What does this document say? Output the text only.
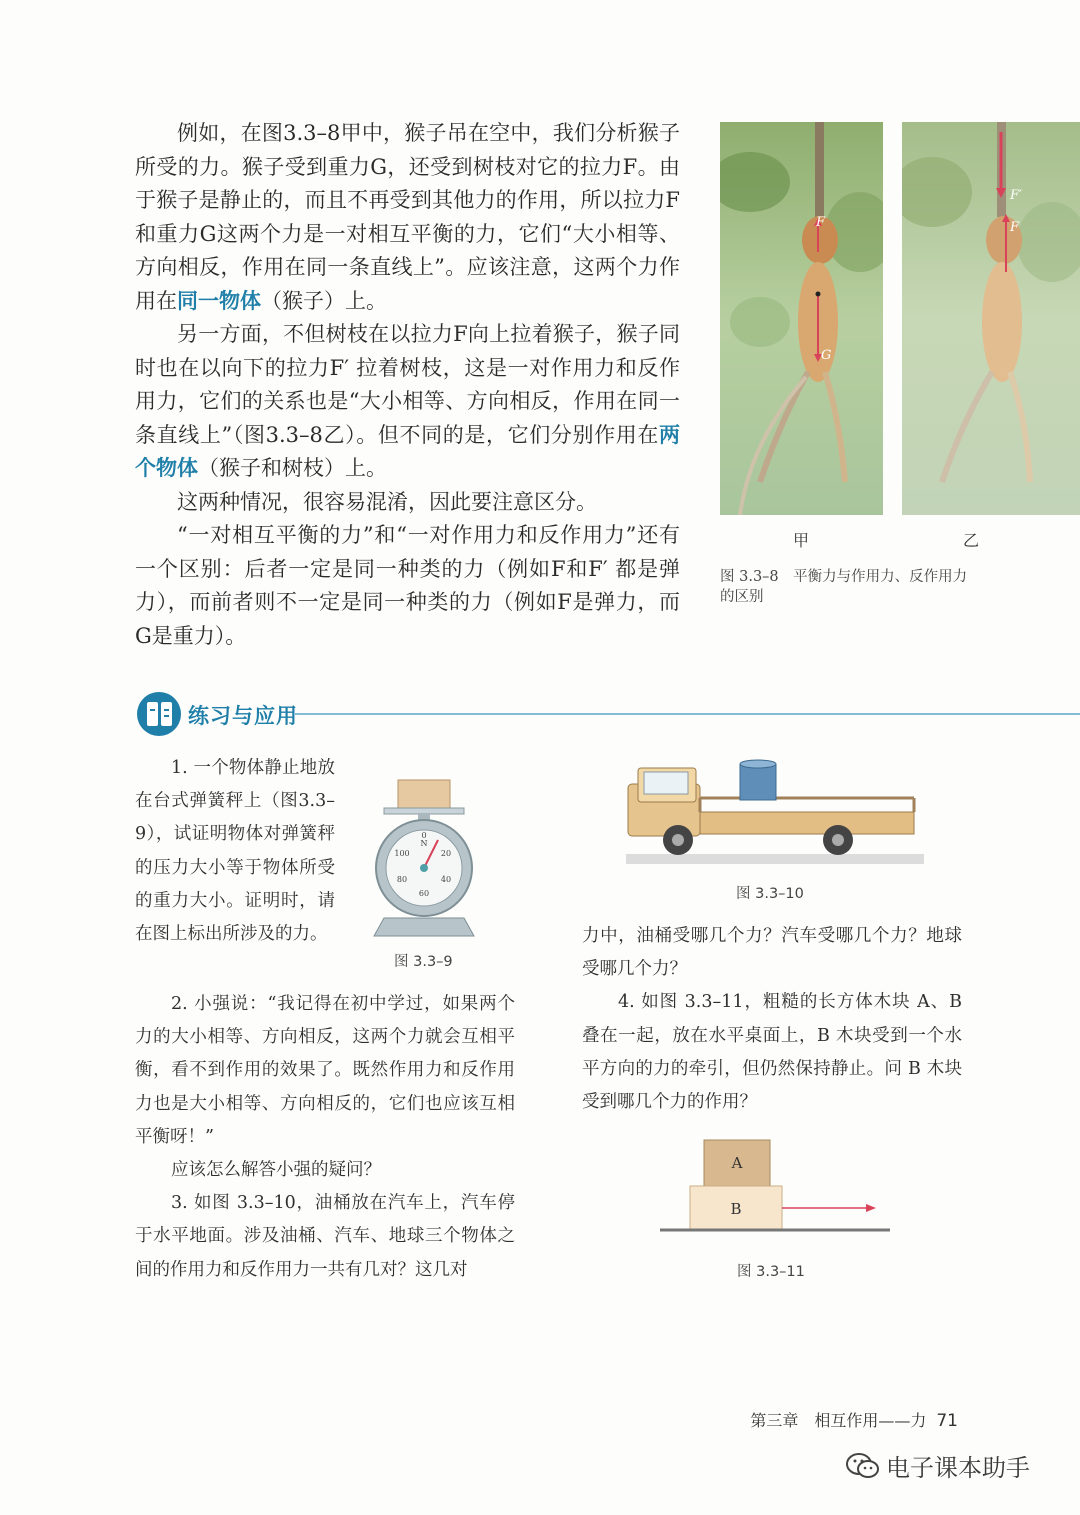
例如，在图3.3–8甲中，猴子吊在空中，我们分析猴子所受的力。猴子受到重力G，还受到树枝对它的拉力F。由于猴子是静止的，而且不再受到其他力的作用，所以拉力F和重力G这两个力是一对相互平衡的力，它们“大小相等、方向相反，作用在同一条直线上”。应该注意，这两个力作用在同一物体（猴子）上。

另一方面，不但树枝在以拉力F向上拉着猴子，猴子同时也在以向下的拉力F′ 拉着树枝，这是一对作用力和反作用力，它们的关系也是“大小相等、方向相反，作用在同一条直线上”（图3.3–8乙）。但不同的是，它们分别作用在两个物体（猴子和树枝）上。

这两种情况，很容易混淆，因此要注意区分。

“一对相互平衡的力”和“一对作用力和反作用力”还有一个区别：后者一定是同一种类的力（例如F和F′ 都是弹力），而前者则不一定是同一种类的力（例如F是弹力，而G是重力）。

F
G
F′
F
甲	乙
图 3.3–8　平衡力与作用力、反作用力的区别
练习与应用

1. 一个物体静止地放在台式弹簧秤上（图3.3–9），试证明物体对弹簧秤的压力大小等于物体所受的重力大小。证明时，请在图上标出所涉及的力。

N
0
20
40
60
80
100
图 3.3–9

2. 小强说：“我记得在初中学过，如果两个力的大小相等、方向相反，这两个力就会互相平衡，看不到作用的效果了。既然作用力和反作用力也是大小相等、方向相反的，它们也应该互相平衡呀！”

应该怎么解答小强的疑问？

3. 如图 3.3–10，油桶放在汽车上，汽车停于水平地面。涉及油桶、汽车、地球三个物体之间的作用力和反作用力一共有几对？这几对

图 3.3–10

力中，油桶受哪几个力？汽车受哪几个力？地球受哪几个力？

4. 如图 3.3–11，粗糙的长方体木块 A、B 叠在一起，放在水平桌面上，B 木块受到一个水平方向的力的牵引，但仍然保持静止。问 B 木块受到哪几个力的作用？

A
B
图 3.3–11
第三章　相互作用——力 71
电子课本助手
